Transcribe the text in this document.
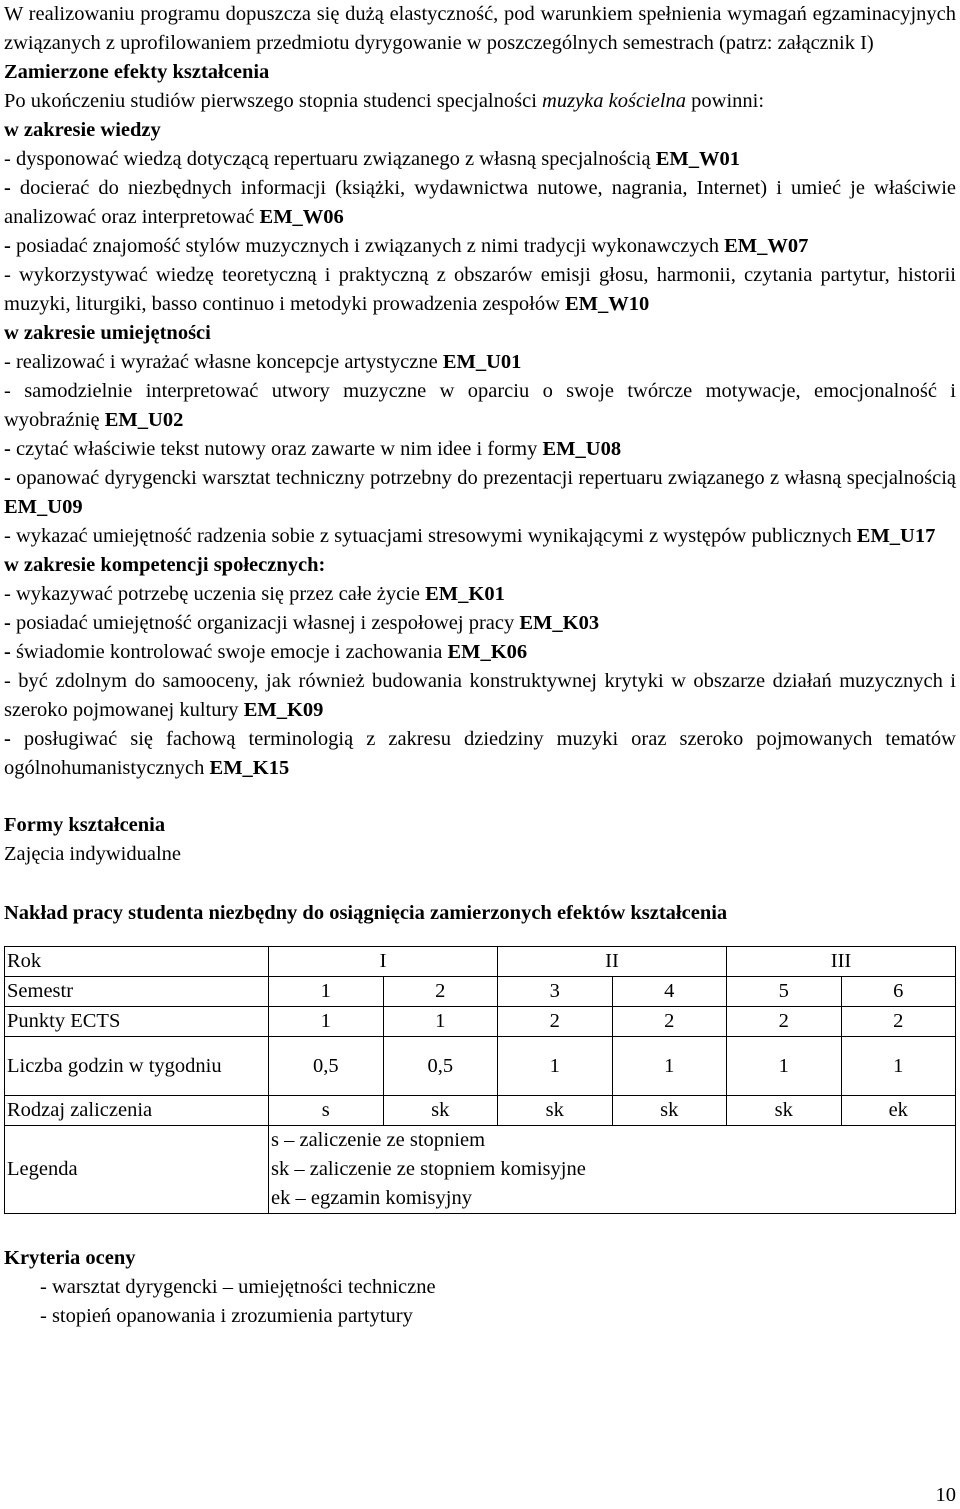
W realizowaniu programu dopuszcza się dużą elastyczność, pod warunkiem spełnienia wymagań egzaminacyjnych związanych z uprofilowaniem przedmiotu dyrygowanie w poszczególnych semestrach (patrz: załącznik I)

Zamierzone efekty kształcenia

Po ukończeniu studiów pierwszego stopnia studenci specjalności muzyka kościelna powinni:

w zakresie wiedzy

- dysponować wiedzą dotyczącą repertuaru związanego z własną specjalnością EM_W01

- docierać do niezbędnych informacji (książki, wydawnictwa nutowe, nagrania, Internet) i umieć je właściwie analizować oraz interpretować EM_W06

- posiadać znajomość stylów muzycznych i związanych z nimi tradycji wykonawczych EM_W07

- wykorzystywać wiedzę teoretyczną i praktyczną z obszarów emisji głosu, harmonii, czytania partytur, historii muzyki, liturgiki, basso continuo i metodyki prowadzenia zespołów EM_W10

w zakresie umiejętności

- realizować i wyrażać własne koncepcje artystyczne EM_U01

- samodzielnie interpretować utwory muzyczne w oparciu o swoje twórcze motywacje, emocjonalność i wyobraźnię EM_U02

- czytać właściwie tekst nutowy oraz zawarte w nim idee i formy EM_U08

- opanować dyrygencki warsztat techniczny potrzebny do prezentacji repertuaru związanego z własną specjalnością EM_U09

- wykazać umiejętność radzenia sobie z sytuacjami stresowymi wynikającymi z występów publicznych EM_U17

w zakresie kompetencji społecznych:

- wykazywać potrzebę uczenia się przez całe życie EM_K01

- posiadać umiejętność organizacji własnej i zespołowej pracy EM_K03

- świadomie kontrolować swoje emocje i zachowania EM_K06

- być zdolnym do samooceny, jak również budowania konstruktywnej krytyki w obszarze działań muzycznych i szeroko pojmowanej kultury EM_K09

- posługiwać się fachową terminologią z zakresu dziedziny muzyki oraz szeroko pojmowanych tematów ogólnohumanistycznych EM_K15

Formy kształcenia

Zajęcia indywidualne

Nakład pracy studenta niezbędny do osiągnięcia zamierzonych efektów kształcenia

Rok	I		II		III	
Semestr	1	2	3	4	5	6
Punkty ECTS	1	1	2	2	2	2
Liczba godzin w tygodniu	0,5	0,5	1	1	1	1
Rodzaj zaliczenia	s	sk	sk	sk	sk	ek
Legenda	s – zaliczenie ze stopniem
sk – zaliczenie ze stopniem komisyjne
ek – egzamin komisyjny					

Kryteria oceny

- warsztat dyrygencki – umiejętności techniczne
- stopień opanowania i zrozumienia partytury
10
